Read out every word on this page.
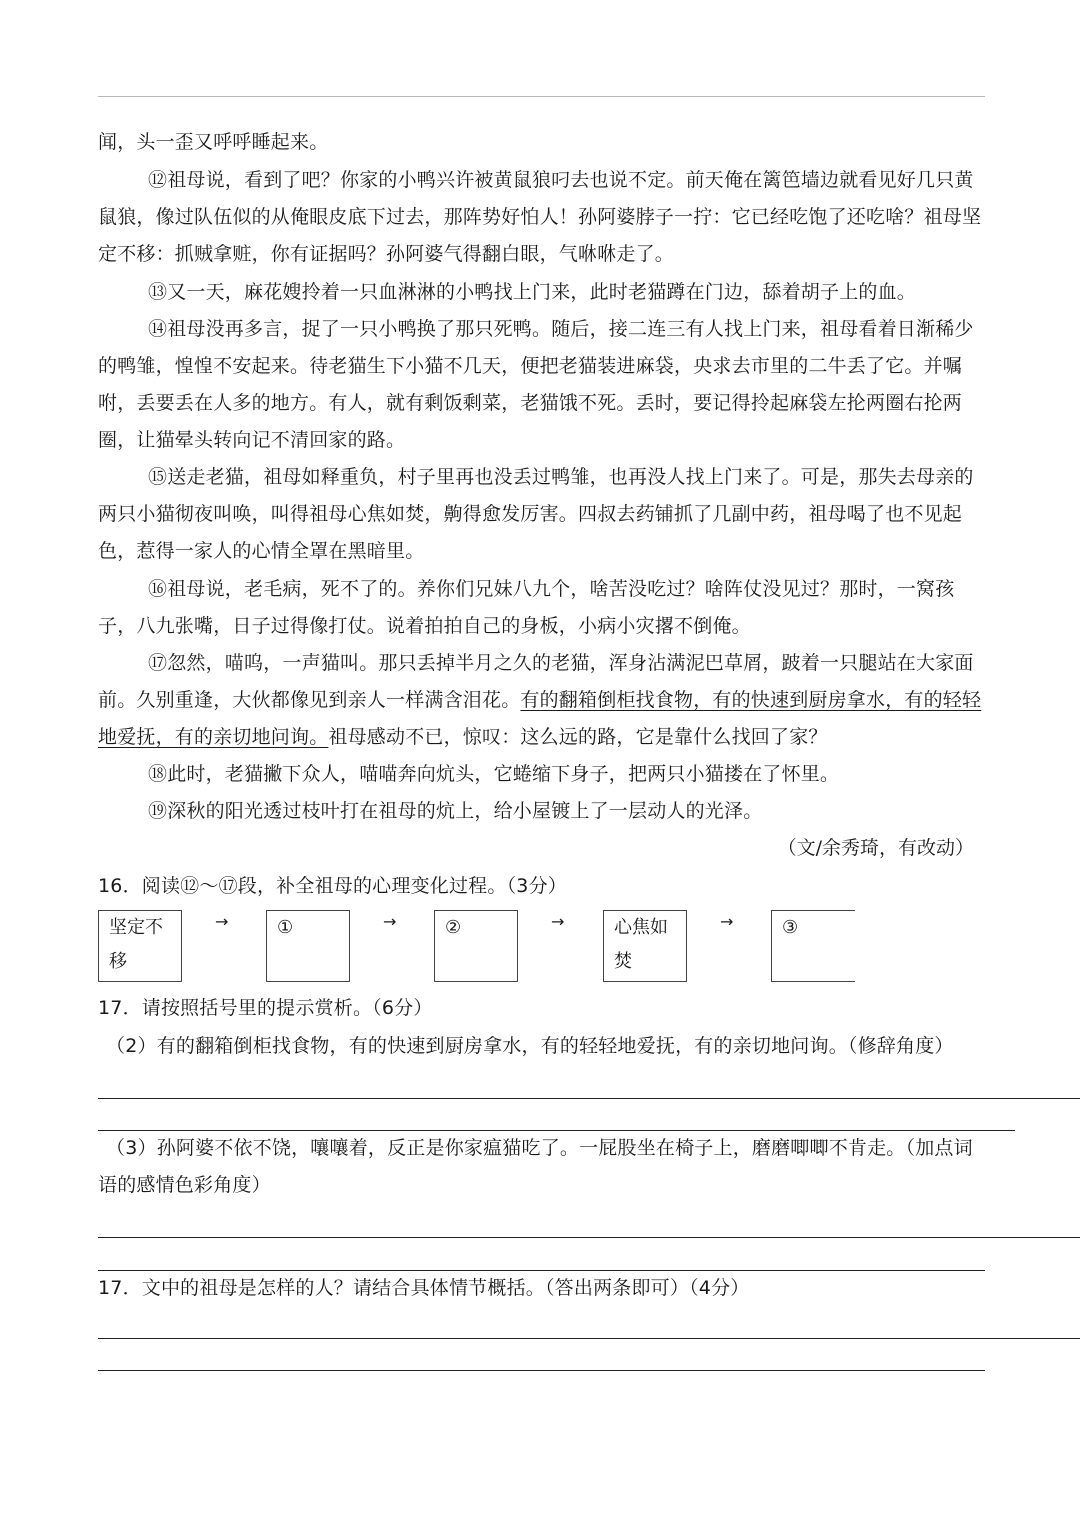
闻，头一歪又呼呼睡起来。
⑫祖母说，看到了吧？你家的小鸭兴许被黄鼠狼叼去也说不定。前天俺在篱笆墙边就看见好几只黄
鼠狼，像过队伍似的从俺眼皮底下过去，那阵势好怕人！孙阿婆脖子一拧：它已经吃饱了还吃啥？祖母坚
定不移：抓贼拿赃，你有证据吗？孙阿婆气得翻白眼，气咻咻走了。
⑬又一天，麻花嫂拎着一只血淋淋的小鸭找上门来，此时老猫蹲在门边，舔着胡子上的血。
⑭祖母没再多言，捉了一只小鸭换了那只死鸭。随后，接二连三有人找上门来，祖母看着日渐稀少
的鸭雏，惶惶不安起来。待老猫生下小猫不几天，便把老猫装进麻袋，央求去市里的二牛丢了它。并嘱
咐，丢要丢在人多的地方。有人，就有剩饭剩菜，老猫饿不死。丢时，要记得拎起麻袋左抡两圈右抡两
圈，让猫晕头转向记不清回家的路。
⑮送走老猫，祖母如释重负，村子里再也没丢过鸭雏，也再没人找上门来了。可是，那失去母亲的
两只小猫彻夜叫唤，叫得祖母心焦如焚，齁得愈发厉害。四叔去药铺抓了几副中药，祖母喝了也不见起
色，惹得一家人的心情全罩在黑暗里。
⑯祖母说，老毛病，死不了的。养你们兄妹八九个，啥苦没吃过？啥阵仗没见过？那时，一窝孩
子，八九张嘴，日子过得像打仗。说着拍拍自己的身板，小病小灾撂不倒俺。
⑰忽然，喵呜，一声猫叫。那只丢掉半月之久的老猫，浑身沾满泥巴草屑，跛着一只腿站在大家面
前。久别重逢，大伙都像见到亲人一样满含泪花。有的翻箱倒柜找食物，有的快速到厨房拿水，有的轻轻
地爱抚，有的亲切地问询。祖母感动不已，惊叹：这么远的路，它是靠什么找回了家？
⑱此时，老猫撇下众人，喵喵奔向炕头，它蜷缩下身子，把两只小猫搂在了怀里。
⑲深秋的阳光透过枝叶打在祖母的炕上，给小屋镀上了一层动人的光泽。
（文/余秀琦，有改动）
16．阅读⑫～⑰段，补全祖母的心理变化过程。（3分）
坚定不
移
→	①	→	②	→	心焦如
焚
→	③
17．请按照括号里的提示赏析。（6分）
（2）有的翻箱倒柜找食物，有的快速到厨房拿水，有的轻轻地爱抚，有的亲切地问询。（修辞角度）
（3）孙阿婆不依不饶，嚷嚷着，反正是你家瘟猫吃了。一屁股坐在椅子上，磨磨唧唧不肯走。（加点词
语的感情色彩角度）
17．文中的祖母是怎样的人？请结合具体情节概括。（答出两条即可）（4分）
